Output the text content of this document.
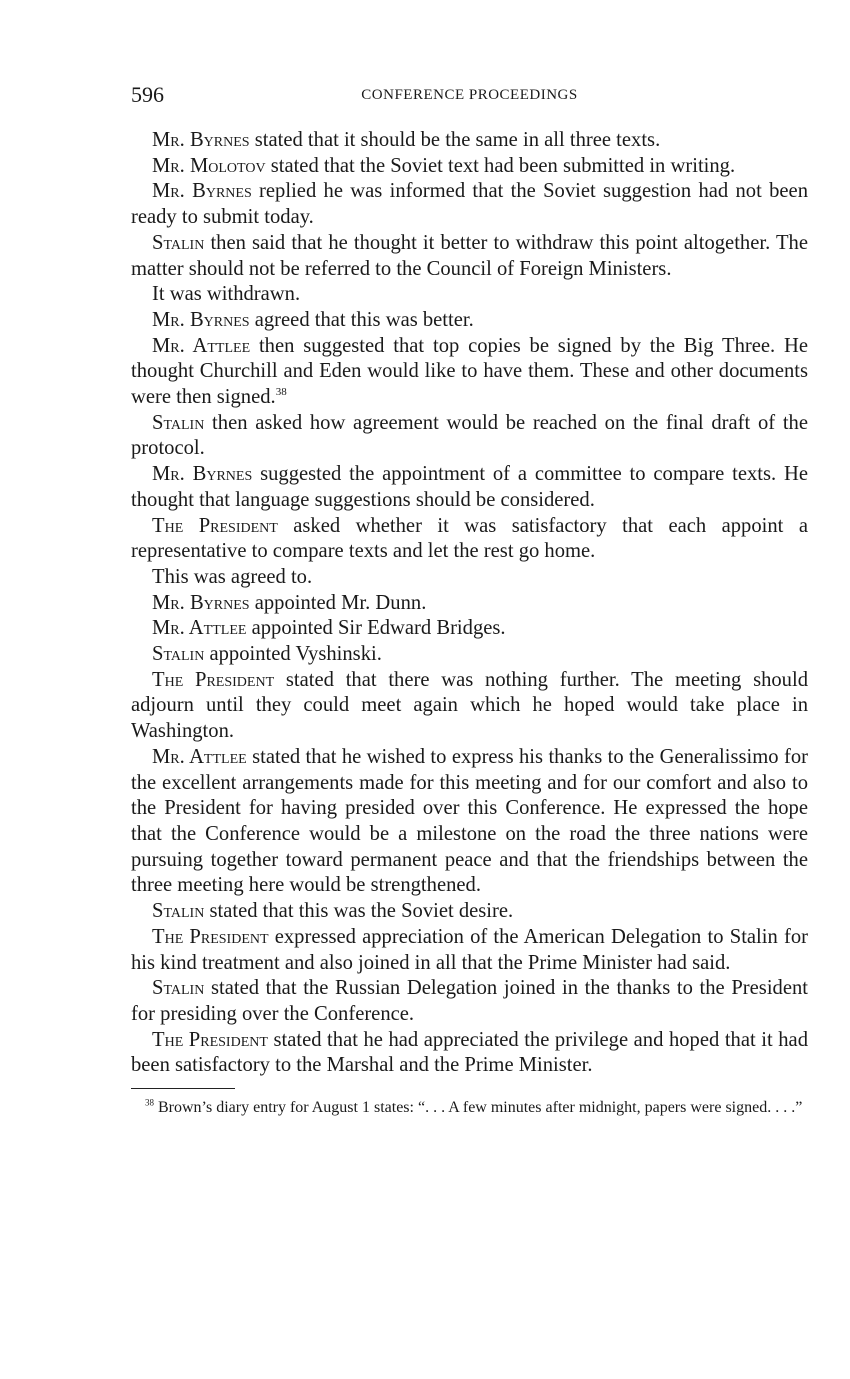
596	CONFERENCE PROCEEDINGS

Mr. Byrnes stated that it should be the same in all three texts.

Mr. Molotov stated that the Soviet text had been submitted in writing.

Mr. Byrnes replied he was informed that the Soviet suggestion had not been ready to submit today.

Stalin then said that he thought it better to withdraw this point altogether. The matter should not be referred to the Council of Foreign Ministers.

It was withdrawn.

Mr. Byrnes agreed that this was better.

Mr. Attlee then suggested that top copies be signed by the Big Three. He thought Churchill and Eden would like to have them. These and other documents were then signed.$^{38}$

Stalin then asked how agreement would be reached on the final draft of the protocol.

Mr. Byrnes suggested the appointment of a committee to compare texts. He thought that language suggestions should be considered.

The President asked whether it was satisfactory that each appoint a representative to compare texts and let the rest go home.

This was agreed to.

Mr. Byrnes appointed Mr. Dunn.

Mr. Attlee appointed Sir Edward Bridges.

Stalin appointed Vyshinski.

The President stated that there was nothing further. The meeting should adjourn until they could meet again which he hoped would take place in Washington.

Mr. Attlee stated that he wished to express his thanks to the Generalissimo for the excellent arrangements made for this meeting and for our comfort and also to the President for having presided over this Conference. He expressed the hope that the Conference would be a milestone on the road the three nations were pursuing together toward permanent peace and that the friendships between the three meeting here would be strengthened.

Stalin stated that this was the Soviet desire.

The President expressed appreciation of the American Delegation to Stalin for his kind treatment and also joined in all that the Prime Minister had said.

Stalin stated that the Russian Delegation joined in the thanks to the President for presiding over the Conference.

The President stated that he had appreciated the privilege and hoped that it had been satisfactory to the Marshal and the Prime Minister.

$^{38}$ Brown’s diary entry for August 1 states: “. . . A few minutes after midnight, papers were signed. . . .”
